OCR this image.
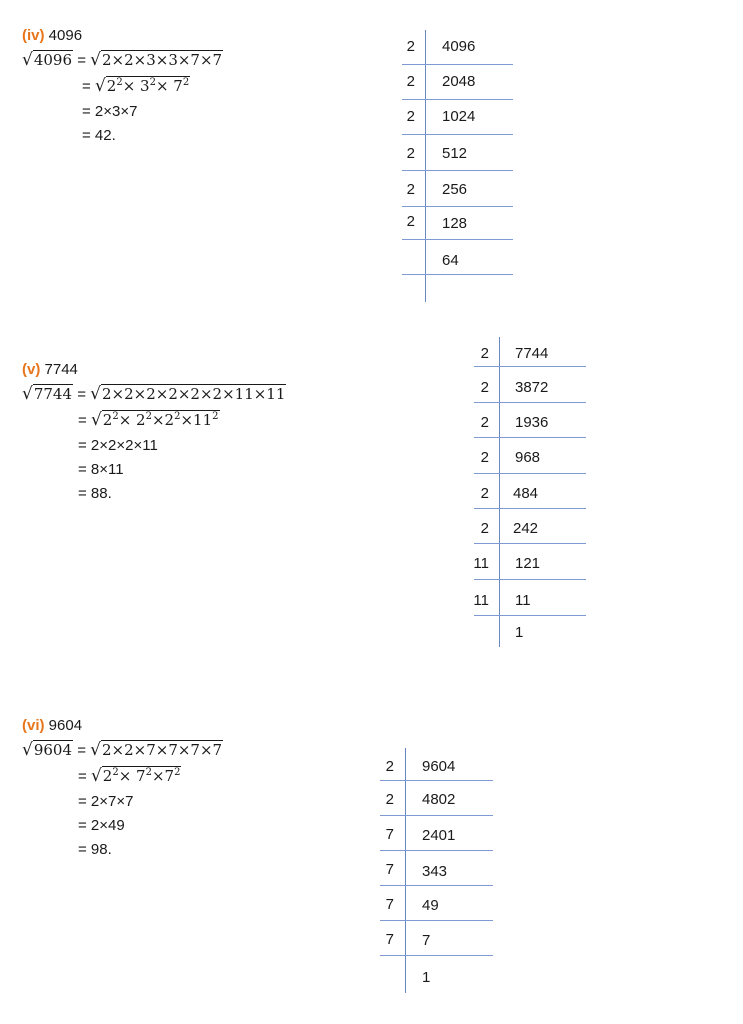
(iv) 4096
√4096 = √2×2×3×3×7×7
= $√2^2\times 3^2\times 7^2$
= 2×3×7
= 42.
2 4096
2 2048
2 1024
2 512
2 256
2 128
64
(v) 7744
√7744 = √2×2×2×2×2×2×11×11
= $√2^2\times 2^2\times 2^2\times 11^2$
= 2×2×2×11
= 8×11
= 88.
2 7744
2 3872
2 1936
2 968
2 484
2 242
11 121
11 11
1
(vi) 9604
√9604 = √2×2×7×7×7×7
= $√2^2\times 7^2\times 7^2$
= 2×7×7
= 2×49
= 98.
2 9604
2 4802
7 2401
7 343
7 49
7 7
1
